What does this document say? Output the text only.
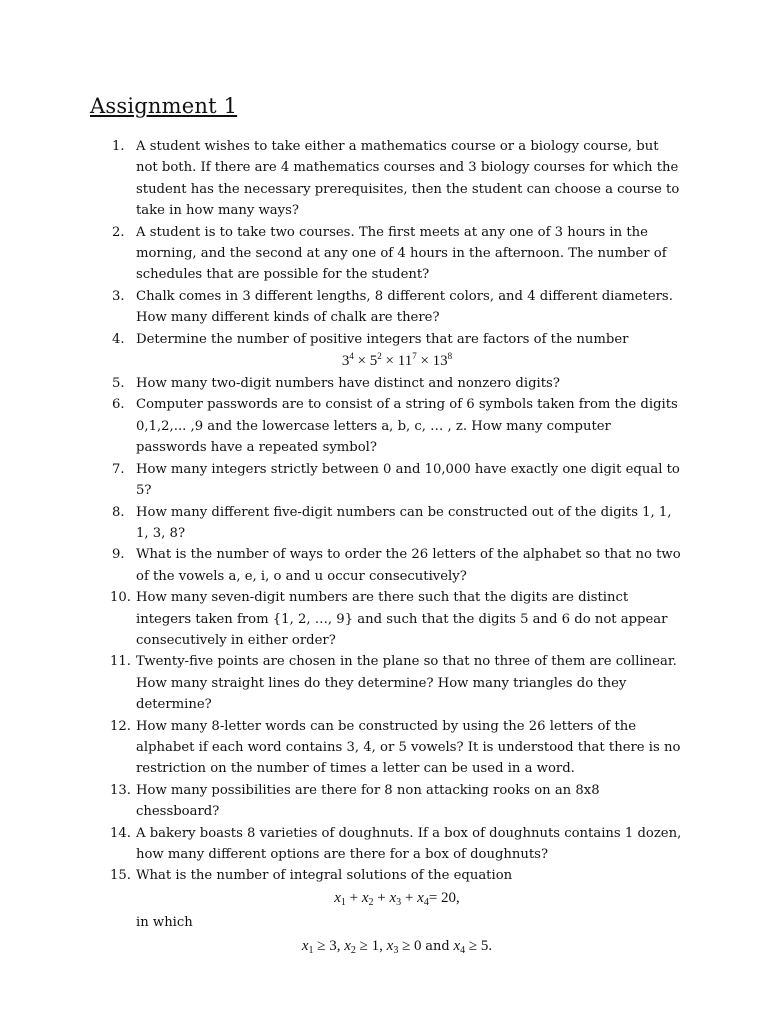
Assignment 1
1. A student wishes to take either a mathematics course or a biology course, but not both. If there are 4 mathematics courses and 3 biology courses for which the student has the necessary prerequisites, then the student can choose a course to take in how many ways?
2. A student is to take two courses. The first meets at any one of 3 hours in the morning, and the second at any one of 4 hours in the afternoon. The number of schedules that are possible for the student?
3. Chalk comes in 3 different lengths, 8 different colors, and 4 different diameters. How many different kinds of chalk are there?
4. Determine the number of positive integers that are factors of the number
$3^4 \times 5^2 \times 11^7 \times 13^8$
5. How many two-digit numbers have distinct and nonzero digits?
6. Computer passwords are to consist of a string of 6 symbols taken from the digits 0,1,2,... ,9 and the lowercase letters a, b, c, … , z. How many computer passwords have a repeated symbol?
7. How many integers strictly between 0 and 10,000 have exactly one digit equal to 5?
8. How many different five-digit numbers can be constructed out of the digits 1, 1, 1, 3, 8?
9. What is the number of ways to order the 26 letters of the alphabet so that no two of the vowels a, e, i, o and u occur consecutively?
10. How many seven-digit numbers are there such that the digits are distinct integers taken from {1, 2, …, 9} and such that the digits 5 and 6 do not appear consecutively in either order?
11. Twenty-five points are chosen in the plane so that no three of them are collinear. How many straight lines do they determine? How many triangles do they determine?
12. How many 8-letter words can be constructed by using the 26 letters of the alphabet if each word contains 3, 4, or 5 vowels? It is understood that there is no restriction on the number of times a letter can be used in a word.
13. How many possibilities are there for 8 non attacking rooks on an 8x8 chessboard?
14. A bakery boasts 8 varieties of doughnuts. If a box of doughnuts contains 1 dozen, how many different options are there for a box of doughnuts?
15. What is the number of integral solutions of the equation
$x_1 + x_2 + x_3 + x_4= 20$,
in which
$x_1 \ge 3$, $x_2 \ge 1$, $x_3 \ge 0$ and $x_4 \ge 5$.
